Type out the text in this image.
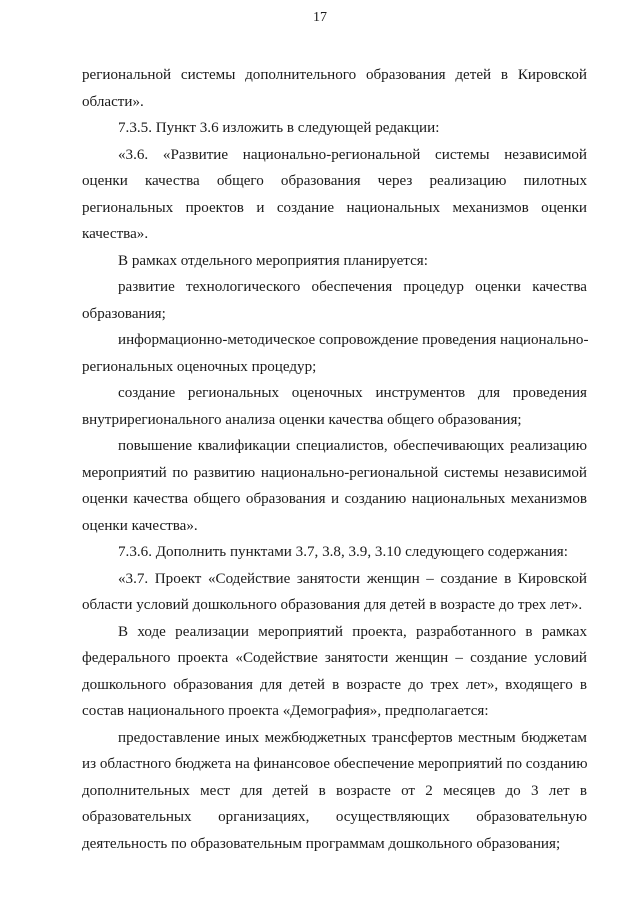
17
региональной системы дополнительного образования детей в Кировской
области».
7.3.5. Пункт 3.6 изложить в следующей редакции:
«3.6. «Развитие национально-региональной системы независимой
оценки качества общего образования через реализацию пилотных
региональных проектов и создание национальных механизмов оценки
качества».
В рамках отдельного мероприятия планируется:
развитие технологического обеспечения процедур оценки качества
образования;
информационно-методическое сопровождение проведения национально-
региональных оценочных процедур;
создание региональных оценочных инструментов для проведения
внутрирегионального анализа оценки качества общего образования;
повышение квалификации специалистов, обеспечивающих реализацию
мероприятий по развитию национально-региональной системы независимой
оценки качества общего образования и созданию национальных механизмов
оценки качества».
7.3.6. Дополнить пунктами 3.7, 3.8, 3.9, 3.10 следующего содержания:
«3.7. Проект «Содействие занятости женщин – создание в Кировской
области условий дошкольного образования для детей в возрасте до трех лет».
В ходе реализации мероприятий проекта, разработанного в рамках
федерального проекта «Содействие занятости женщин – создание условий
дошкольного образования для детей в возрасте до трех лет», входящего в
состав национального проекта «Демография», предполагается:
предоставление иных межбюджетных трансфертов местным бюджетам
из областного бюджета на финансовое обеспечение мероприятий по созданию
дополнительных мест для детей в возрасте от 2 месяцев до 3 лет в
образовательных организациях, осуществляющих образовательную
деятельность по образовательным программам дошкольного образования;
